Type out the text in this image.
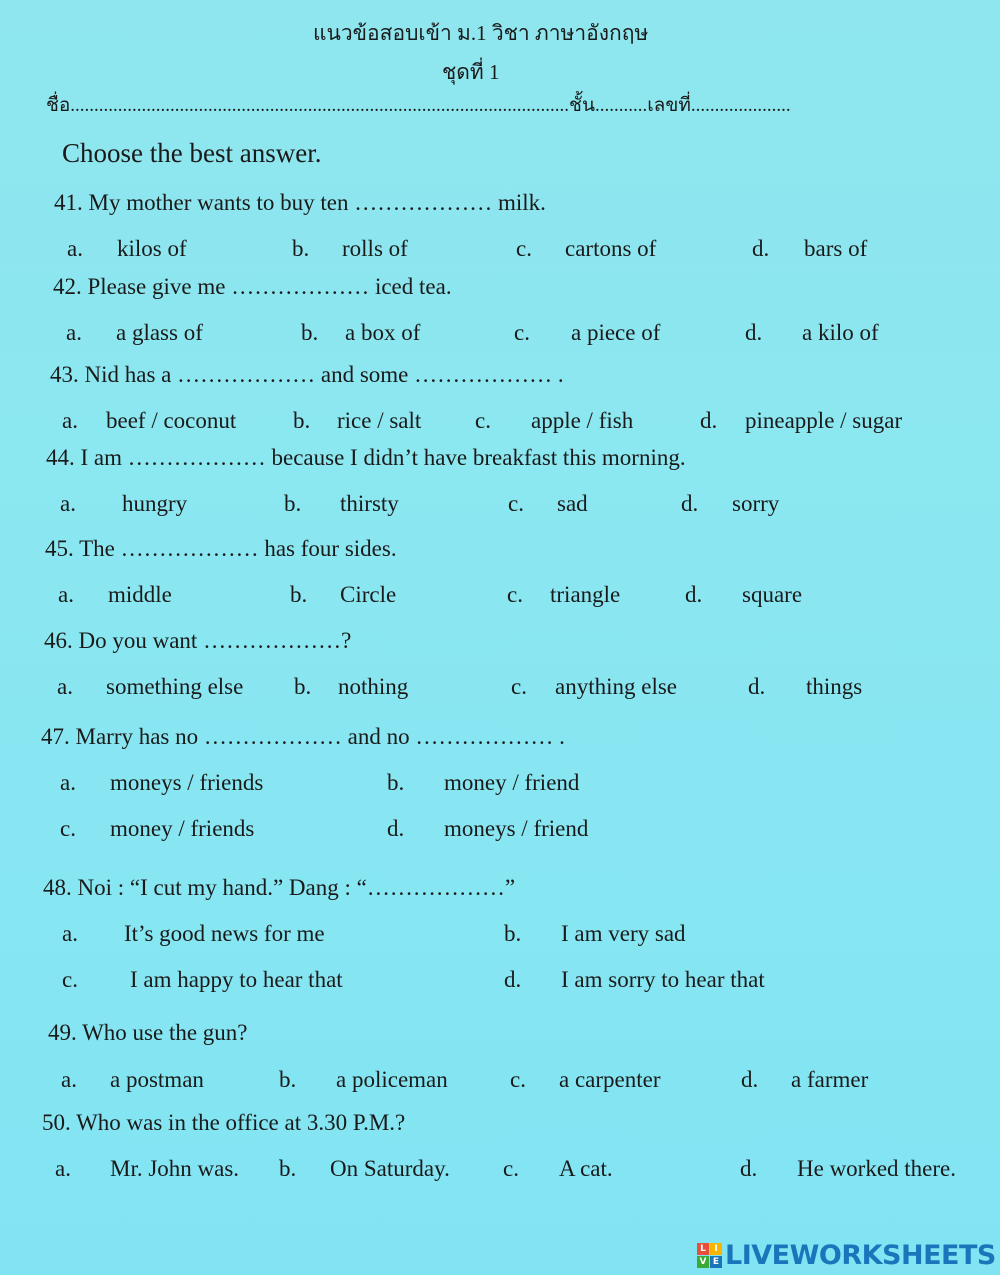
แนวข้อสอบเข้า ม.1 วิชา ภาษาอังกฤษ
ชุดที่ 1
ชื่อ.........................................................................................................ชั้น...........เลขที่.....................
Choose the best answer.
41. My mother wants to buy ten ……………… milk.
a. kilos of	b. rolls of	c. cartons of	d. bars of
42. Please give me ……………… iced tea.
a. a glass of	b. a box of	c. a piece of	d. a kilo of
43. Nid has a ……………… and some ……………… .
a. beef / coconut b. rice / salt c. apple / fish	d. pineapple / sugar
44. I am ……………… because I didn’t have breakfast this morning.
a. hungry	b. thirsty	c. sad	d. sorry
45. The ……………… has four sides.
a. middle	b. Circle	c. triangle	d. square
46. Do you want ………………?
a. something else b. nothing	c. anything else	d. things
47. Marry has no ……………… and no ……………… .
a. moneys / friends	b. money / friend
c. money / friends	d. moneys / friend
48. Noi : “I cut my hand.” Dang : “………………”
a. It’s good news for me	b. I am very sad
c. I am happy to hear that	d. I am sorry to hear that
49. Who use the gun?
a. a postman	b. a policeman	c. a carpenter	d. a farmer
50. Who was in the office at 3.30 P.M.?
a. Mr. John was. b. On Saturday. c. A cat.	d. He worked there.
L I
V E LIVEWORKSHEETS
